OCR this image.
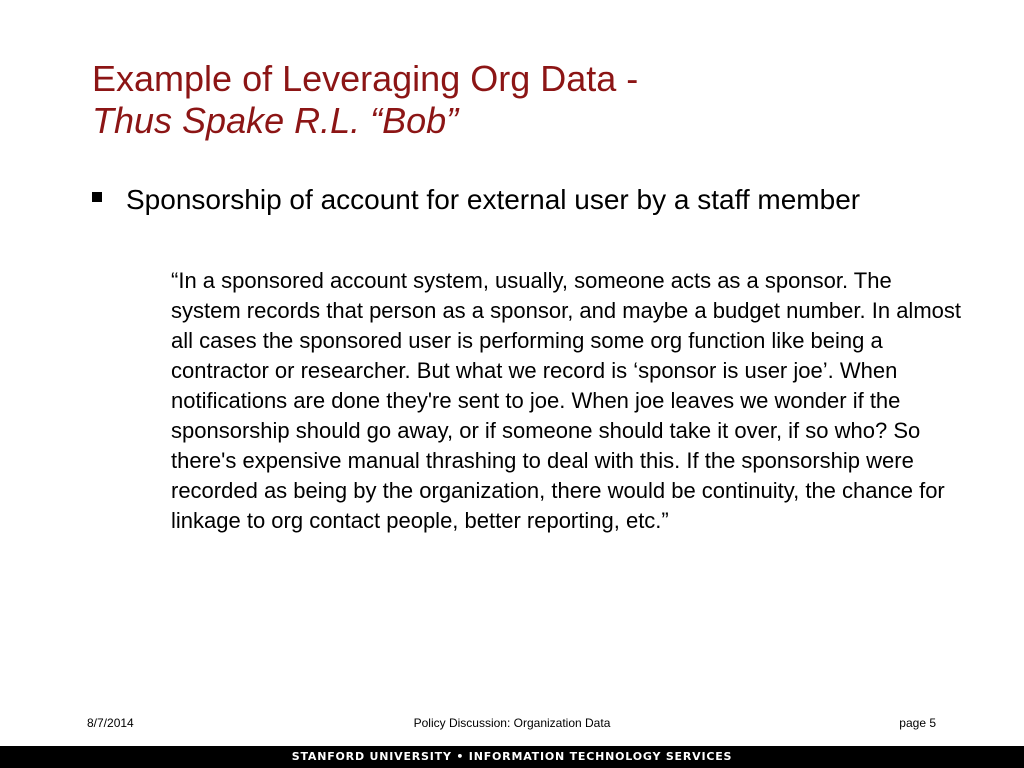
Example of Leveraging Org Data -
Thus Spake R.L. “Bob”
Sponsorship of account for external user by a staff member
“In a sponsored account system, usually, someone acts as a sponsor. The system records that person as a sponsor, and maybe a budget number. In almost all cases the sponsored user is performing some org function like being a contractor or researcher. But what we record is ‘sponsor is user joe’. When notifications are done they're sent to joe. When joe leaves we wonder if the sponsorship should go away, or if someone should take it over, if so who? So there's expensive manual thrashing to deal with this. If the sponsorship were recorded as being by the organization, there would be continuity, the chance for linkage to org contact people, better reporting, etc.”
8/7/2014	Policy Discussion: Organization Data	page 5
STANFORD UNIVERSITY • INFORMATION TECHNOLOGY SERVICES
